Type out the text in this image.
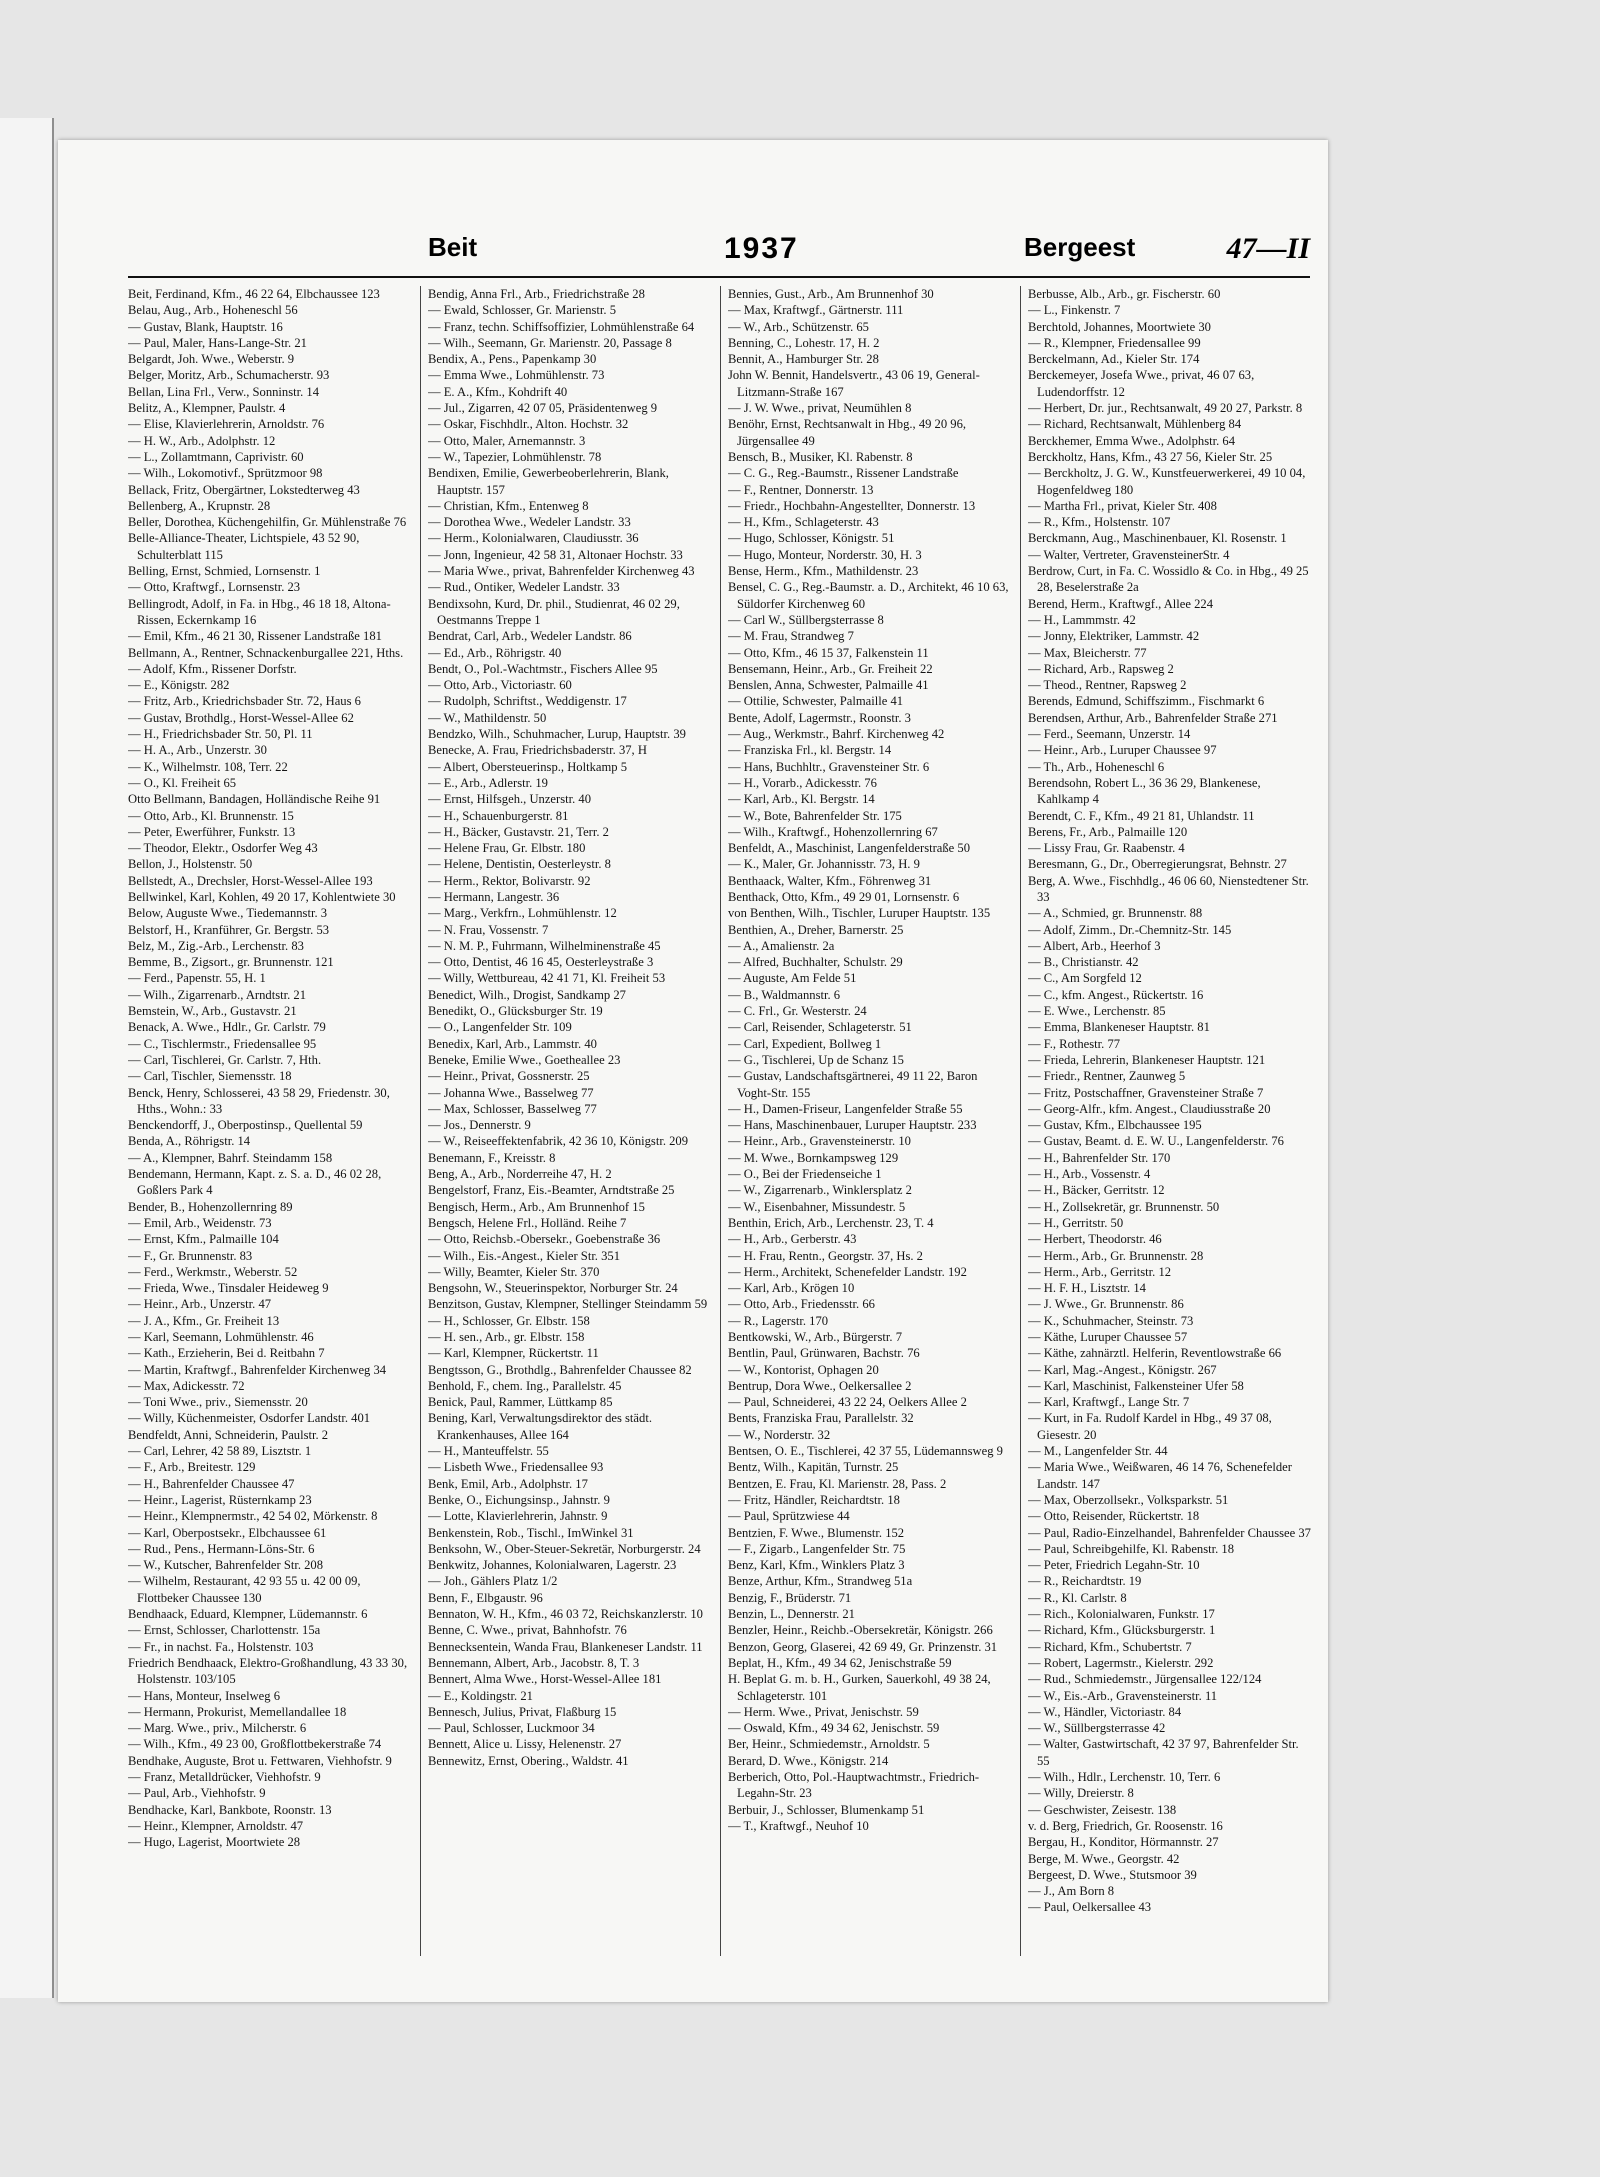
Beit	1937	Bergeest	47—II
Beit, Ferdinand, Kfm., 46 22 64, Elbchaussee 123
Belau, Aug., Arb., Hoheneschl 56
— Gustav, Blank, Hauptstr. 16
— Paul, Maler, Hans-Lange-Str. 21
Belgardt, Joh. Wwe., Weberstr. 9
Belger, Moritz, Arb., Schumacherstr. 93
Bellan, Lina Frl., Verw., Sonninstr. 14
Belitz, A., Klempner, Paulstr. 4
— Elise, Klavierlehrerin, Arnoldstr. 76
— H. W., Arb., Adolphstr. 12
— L., Zollamtmann, Caprivistr. 60
— Wilh., Lokomotivf., Sprützmoor 98
Bellack, Fritz, Obergärtner, Lokstedterweg 43
Bellenberg, A., Krupnstr. 28
Beller, Dorothea, Küchengehilfin, Gr. Mühlenstraße 76
Belle-Alliance-Theater, Lichtspiele, 43 52 90, Schulterblatt 115
Belling, Ernst, Schmied, Lornsenstr. 1
— Otto, Kraftwgf., Lornsenstr. 23
Bellingrodt, Adolf, in Fa. in Hbg., 46 18 18, Altona-Rissen, Eckernkamp 16
— Emil, Kfm., 46 21 30, Rissener Landstraße 181
Bellmann, A., Rentner, Schnackenburgallee 221, Hths.
— Adolf, Kfm., Rissener Dorfstr.
— E., Königstr. 282
— Fritz, Arb., Kriedrichsbader Str. 72, Haus 6
— Gustav, Brothdlg., Horst-Wessel-Allee 62
— H., Friedrichsbader Str. 50, Pl. 11
— H. A., Arb., Unzerstr. 30
— K., Wilhelmstr. 108, Terr. 22
— O., Kl. Freiheit 65
Otto Bellmann, Bandagen, Holländische Reihe 91
— Otto, Arb., Kl. Brunnenstr. 15
— Peter, Ewerführer, Funkstr. 13
— Theodor, Elektr., Osdorfer Weg 43
Bellon, J., Holstenstr. 50
Bellstedt, A., Drechsler, Horst-Wessel-Allee 193
Bellwinkel, Karl, Kohlen, 49 20 17, Kohlentwiete 30
Below, Auguste Wwe., Tiedemannstr. 3
Belstorf, H., Kranführer, Gr. Bergstr. 53
Belz, M., Zig.-Arb., Lerchenstr. 83
Bemme, B., Zigsort., gr. Brunnenstr. 121
— Ferd., Papenstr. 55, H. 1
— Wilh., Zigarrenarb., Arndtstr. 21
Bemstein, W., Arb., Gustavstr. 21
Benack, A. Wwe., Hdlr., Gr. Carlstr. 79
— C., Tischlermstr., Friedensallee 95
— Carl, Tischlerei, Gr. Carlstr. 7, Hth.
— Carl, Tischler, Siemensstr. 18
Benck, Henry, Schlosserei, 43 58 29, Friedenstr. 30, Hths., Wohn.: 33
Benckendorff, J., Oberpostinsp., Quellental 59
Benda, A., Röhrigstr. 14
— A., Klempner, Bahrf. Steindamm 158
Bendemann, Hermann, Kapt. z. S. a. D., 46 02 28, Goßlers Park 4
Bender, B., Hohenzollernring 89
— Emil, Arb., Weidenstr. 73
— Ernst, Kfm., Palmaille 104
— F., Gr. Brunnenstr. 83
— Ferd., Werkmstr., Weberstr. 52
— Frieda, Wwe., Tinsdaler Heideweg 9
— Heinr., Arb., Unzerstr. 47
— J. A., Kfm., Gr. Freiheit 13
— Karl, Seemann, Lohmühlenstr. 46
— Kath., Erzieherin, Bei d. Reitbahn 7
— Martin, Kraftwgf., Bahrenfelder Kirchenweg 34
— Max, Adickesstr. 72
— Toni Wwe., priv., Siemensstr. 20
— Willy, Küchenmeister, Osdorfer Landstr. 401
Bendfeldt, Anni, Schneiderin, Paulstr. 2
— Carl, Lehrer, 42 58 89, Lisztstr. 1
— F., Arb., Breitestr. 129
— H., Bahrenfelder Chaussee 47
— Heinr., Lagerist, Rüsternkamp 23
— Heinr., Klempnermstr., 42 54 02, Mörkenstr. 8
— Karl, Oberpostsekr., Elbchaussee 61
— Rud., Pens., Hermann-Löns-Str. 6
— W., Kutscher, Bahrenfelder Str. 208
— Wilhelm, Restaurant, 42 93 55 u. 42 00 09, Flottbeker Chaussee 130
Bendhaack, Eduard, Klempner, Lüdemannstr. 6
— Ernst, Schlosser, Charlottenstr. 15a
— Fr., in nachst. Fa., Holstenstr. 103
Friedrich Bendhaack, Elektro-Großhandlung, 43 33 30, Holstenstr. 103/105
— Hans, Monteur, Inselweg 6
— Hermann, Prokurist, Memellandallee 18
— Marg. Wwe., priv., Milcherstr. 6
— Wilh., Kfm., 49 23 00, Großflottbekerstraße 74
Bendhake, Auguste, Brot u. Fettwaren, Viehhofstr. 9
— Franz, Metalldrücker, Viehhofstr. 9
— Paul, Arb., Viehhofstr. 9
Bendhacke, Karl, Bankbote, Roonstr. 13
— Heinr., Klempner, Arnoldstr. 47
— Hugo, Lagerist, Moortwiete 28
Bendig, Anna Frl., Arb., Friedrichstraße 28
— Ewald, Schlosser, Gr. Marienstr. 5
— Franz, techn. Schiffsoffizier, Lohmühlenstraße 64
— Wilh., Seemann, Gr. Marienstr. 20, Passage 8
Bendix, A., Pens., Papenkamp 30
— Emma Wwe., Lohmühlenstr. 73
— E. A., Kfm., Kohdrift 40
— Jul., Zigarren, 42 07 05, Präsidentenweg 9
— Oskar, Fischhdlr., Alton. Hochstr. 32
— Otto, Maler, Arnemannstr. 3
— W., Tapezier, Lohmühlenstr. 78
Bendixen, Emilie, Gewerbeoberlehrerin, Blank, Hauptstr. 157
— Christian, Kfm., Entenweg 8
— Dorothea Wwe., Wedeler Landstr. 33
— Herm., Kolonialwaren, Claudiusstr. 36
— Jonn, Ingenieur, 42 58 31, Altonaer Hochstr. 33
— Maria Wwe., privat, Bahrenfelder Kirchenweg 43
— Rud., Ontiker, Wedeler Landstr. 33
Bendixsohn, Kurd, Dr. phil., Studienrat, 46 02 29, Oestmanns Treppe 1
Bendrat, Carl, Arb., Wedeler Landstr. 86
— Ed., Arb., Röhrigstr. 40
Bendt, O., Pol.-Wachtmstr., Fischers Allee 95
— Otto, Arb., Victoriastr. 60
— Rudolph, Schriftst., Weddigenstr. 17
— W., Mathildenstr. 50
Bendzko, Wilh., Schuhmacher, Lurup, Hauptstr. 39
Benecke, A. Frau, Friedrichsbaderstr. 37, H
— Albert, Obersteuerinsp., Holtkamp 5
— E., Arb., Adlerstr. 19
— Ernst, Hilfsgeh., Unzerstr. 40
— H., Schauenburgerstr. 81
— H., Bäcker, Gustavstr. 21, Terr. 2
— Helene Frau, Gr. Elbstr. 180
— Helene, Dentistin, Oesterleystr. 8
— Herm., Rektor, Bolivarstr. 92
— Hermann, Langestr. 36
— Marg., Verkfrn., Lohmühlenstr. 12
— N. Frau, Vossenstr. 7
— N. M. P., Fuhrmann, Wilhelminenstraße 45
— Otto, Dentist, 46 16 45, Oesterleystraße 3
— Willy, Wettbureau, 42 41 71, Kl. Freiheit 53
Benedict, Wilh., Drogist, Sandkamp 27
Benedikt, O., Glücksburger Str. 19
— O., Langenfelder Str. 109
Benedix, Karl, Arb., Lammstr. 40
Beneke, Emilie Wwe., Goetheallee 23
— Heinr., Privat, Gossnerstr. 25
— Johanna Wwe., Basselweg 77
— Max, Schlosser, Basselweg 77
— Jos., Dennerstr. 9
— W., Reiseeffektenfabrik, 42 36 10, Königstr. 209
Benemann, F., Kreisstr. 8
Beng, A., Arb., Norderreihe 47, H. 2
Bengelstorf, Franz, Eis.-Beamter, Arndtstraße 25
Bengisch, Herm., Arb., Am Brunnenhof 15
Bengsch, Helene Frl., Holländ. Reihe 7
— Otto, Reichsb.-Obersekr., Goebenstraße 36
— Wilh., Eis.-Angest., Kieler Str. 351
— Willy, Beamter, Kieler Str. 370
Bengsohn, W., Steuerinspektor, Norburger Str. 24
Benzitson, Gustav, Klempner, Stellinger Steindamm 59
— H., Schlosser, Gr. Elbstr. 158
— H. sen., Arb., gr. Elbstr. 158
— Karl, Klempner, Rückertstr. 11
Bengtsson, G., Brothdlg., Bahrenfelder Chaussee 82
Benhold, F., chem. Ing., Parallelstr. 45
Benick, Paul, Rammer, Lüttkamp 85
Bening, Karl, Verwaltungsdirektor des städt. Krankenhauses, Allee 164
— H., Manteuffelstr. 55
— Lisbeth Wwe., Friedensallee 93
Benk, Emil, Arb., Adolphstr. 17
Benke, O., Eichungsinsp., Jahnstr. 9
— Lotte, Klavierlehrerin, Jahnstr. 9
Benkenstein, Rob., Tischl., ImWinkel 31
Benksohn, W., Ober-Steuer-Sekretär, Norburgerstr. 24
Benkwitz, Johannes, Kolonialwaren, Lagerstr. 23
— Joh., Gählers Platz 1/2
Benn, F., Elbgaustr. 96
Bennaton, W. H., Kfm., 46 03 72, Reichskanzlerstr. 10
Benne, C. Wwe., privat, Bahnhofstr. 76
Bennecksentein, Wanda Frau, Blankeneser Landstr. 11
Bennemann, Albert, Arb., Jacobstr. 8, T. 3
Bennert, Alma Wwe., Horst-Wessel-Allee 181
— E., Koldingstr. 21
Bennesch, Julius, Privat, Flaßburg 15
— Paul, Schlosser, Luckmoor 34
Bennett, Alice u. Lissy, Helenenstr. 27
Bennewitz, Ernst, Obering., Waldstr. 41
Bennies, Gust., Arb., Am Brunnenhof 30
— Max, Kraftwgf., Gärtnerstr. 111
— W., Arb., Schützenstr. 65
Benning, C., Lohestr. 17, H. 2
Bennit, A., Hamburger Str. 28
John W. Bennit, Handelsvertr., 43 06 19, General-Litzmann-Straße 167
— J. W. Wwe., privat, Neumühlen 8
Benöhr, Ernst, Rechtsanwalt in Hbg., 49 20 96, Jürgensallee 49
Bensch, B., Musiker, Kl. Rabenstr. 8
— C. G., Reg.-Baumstr., Rissener Landstraße
— F., Rentner, Donnerstr. 13
— Friedr., Hochbahn-Angestellter, Donnerstr. 13
— H., Kfm., Schlageterstr. 43
— Hugo, Schlosser, Königstr. 51
— Hugo, Monteur, Norderstr. 30, H. 3
Bense, Herm., Kfm., Mathildenstr. 23
Bensel, C. G., Reg.-Baumstr. a. D., Architekt, 46 10 63, Süldorfer Kirchenweg 60
— Carl W., Süllbergsterrasse 8
— M. Frau, Strandweg 7
— Otto, Kfm., 46 15 37, Falkenstein 11
Bensemann, Heinr., Arb., Gr. Freiheit 22
Benslen, Anna, Schwester, Palmaille 41
— Ottilie, Schwester, Palmaille 41
Bente, Adolf, Lagermstr., Roonstr. 3
— Aug., Werkmstr., Bahrf. Kirchenweg 42
— Franziska Frl., kl. Bergstr. 14
— Hans, Buchhltr., Gravensteiner Str. 6
— H., Vorarb., Adickesstr. 76
— Karl, Arb., Kl. Bergstr. 14
— W., Bote, Bahrenfelder Str. 175
— Wilh., Kraftwgf., Hohenzollernring 67
Benfeldt, A., Maschinist, Langenfelderstraße 50
— K., Maler, Gr. Johannisstr. 73, H. 9
Benthaack, Walter, Kfm., Föhrenweg 31
Benthack, Otto, Kfm., 49 29 01, Lornsenstr. 6
von Benthen, Wilh., Tischler, Luruper Hauptstr. 135
Benthien, A., Dreher, Barnerstr. 25
— A., Amalienstr. 2a
— Alfred, Buchhalter, Schulstr. 29
— Auguste, Am Felde 51
— B., Waldmannstr. 6
— C. Frl., Gr. Westerstr. 24
— Carl, Reisender, Schlageterstr. 51
— Carl, Expedient, Bollweg 1
— G., Tischlerei, Up de Schanz 15
— Gustav, Landschaftsgärtnerei, 49 11 22, Baron Voght-Str. 155
— H., Damen-Friseur, Langenfelder Straße 55
— Hans, Maschinenbauer, Luruper Hauptstr. 233
— Heinr., Arb., Gravensteinerstr. 10
— M. Wwe., Bornkampsweg 129
— O., Bei der Friedenseiche 1
— W., Zigarrenarb., Winklersplatz 2
— W., Eisenbahner, Missundestr. 5
Benthin, Erich, Arb., Lerchenstr. 23, T. 4
— H., Arb., Gerberstr. 43
— H. Frau, Rentn., Georgstr. 37, Hs. 2
— Herm., Architekt, Schenefelder Landstr. 192
— Karl, Arb., Krögen 10
— Otto, Arb., Friedensstr. 66
— R., Lagerstr. 170
Bentkowski, W., Arb., Bürgerstr. 7
Bentlin, Paul, Grünwaren, Bachstr. 76
— W., Kontorist, Ophagen 20
Bentrup, Dora Wwe., Oelkersallee 2
— Paul, Schneiderei, 43 22 24, Oelkers Allee 2
Bents, Franziska Frau, Parallelstr. 32
— W., Norderstr. 32
Bentsen, O. E., Tischlerei, 42 37 55, Lüdemannsweg 9
Bentz, Wilh., Kapitän, Turnstr. 25
Bentzen, E. Frau, Kl. Marienstr. 28, Pass. 2
— Fritz, Händler, Reichardtstr. 18
— Paul, Sprützwiese 44
Bentzien, F. Wwe., Blumenstr. 152
— F., Zigarb., Langenfelder Str. 75
Benz, Karl, Kfm., Winklers Platz 3
Benze, Arthur, Kfm., Strandweg 51a
Benzig, F., Brüderstr. 71
Benzin, L., Dennerstr. 21
Benzler, Heinr., Reichb.-Obersekretär, Königstr. 266
Benzon, Georg, Glaserei, 42 69 49, Gr. Prinzenstr. 31
Beplat, H., Kfm., 49 34 62, Jenischstraße 59
H. Beplat G. m. b. H., Gurken, Sauerkohl, 49 38 24, Schlageterstr. 101
— Herm. Wwe., Privat, Jenischstr. 59
— Oswald, Kfm., 49 34 62, Jenischstr. 59
Ber, Heinr., Schmiedemstr., Arnoldstr. 5
Berard, D. Wwe., Königstr. 214
Berberich, Otto, Pol.-Hauptwachtmstr., Friedrich-Legahn-Str. 23
Berbuir, J., Schlosser, Blumenkamp 51
— T., Kraftwgf., Neuhof 10
Berbusse, Alb., Arb., gr. Fischerstr. 60
— L., Finkenstr. 7
Berchtold, Johannes, Moortwiete 30
— R., Klempner, Friedensallee 99
Berckelmann, Ad., Kieler Str. 174
Berckemeyer, Josefa Wwe., privat, 46 07 63, Ludendorffstr. 12
— Herbert, Dr. jur., Rechtsanwalt, 49 20 27, Parkstr. 8
— Richard, Rechtsanwalt, Mühlenberg 84
Berckhemer, Emma Wwe., Adolphstr. 64
Berckholtz, Hans, Kfm., 43 27 56, Kieler Str. 25
— Berckholtz, J. G. W., Kunstfeuerwerkerei, 49 10 04, Hogenfeldweg 180
— Martha Frl., privat, Kieler Str. 408
— R., Kfm., Holstenstr. 107
Berckmann, Aug., Maschinenbauer, Kl. Rosenstr. 1
— Walter, Vertreter, GravensteinerStr. 4
Berdrow, Curt, in Fa. C. Wossidlo & Co. in Hbg., 49 25 28, Beselerstraße 2a
Berend, Herm., Kraftwgf., Allee 224
— H., Lammmstr. 42
— Jonny, Elektriker, Lammstr. 42
— Max, Bleicherstr. 77
— Richard, Arb., Rapsweg 2
— Theod., Rentner, Rapsweg 2
Berends, Edmund, Schiffszimm., Fischmarkt 6
Berendsen, Arthur, Arb., Bahrenfelder Straße 271
— Ferd., Seemann, Unzerstr. 14
— Heinr., Arb., Luruper Chaussee 97
— Th., Arb., Hoheneschl 6
Berendsohn, Robert L., 36 36 29, Blankenese, Kahlkamp 4
Berendt, C. F., Kfm., 49 21 81, Uhlandstr. 11
Berens, Fr., Arb., Palmaille 120
— Lissy Frau, Gr. Raabenstr. 4
Beresmann, G., Dr., Oberregierungsrat, Behnstr. 27
Berg, A. Wwe., Fischhdlg., 46 06 60, Nienstedtener Str. 33
— A., Schmied, gr. Brunnenstr. 88
— Adolf, Zimm., Dr.-Chemnitz-Str. 145
— Albert, Arb., Heerhof 3
— B., Christianstr. 42
— C., Am Sorgfeld 12
— C., kfm. Angest., Rückertstr. 16
— E. Wwe., Lerchenstr. 85
— Emma, Blankeneser Hauptstr. 81
— F., Rothestr. 77
— Frieda, Lehrerin, Blankeneser Hauptstr. 121
— Friedr., Rentner, Zaunweg 5
— Fritz, Postschaffner, Gravensteiner Straße 7
— Georg-Alfr., kfm. Angest., Claudiusstraße 20
— Gustav, Kfm., Elbchaussee 195
— Gustav, Beamt. d. E. W. U., Langenfelderstr. 76
— H., Bahrenfelder Str. 170
— H., Arb., Vossenstr. 4
— H., Bäcker, Gerritstr. 12
— H., Zollsekretär, gr. Brunnenstr. 50
— H., Gerritstr. 50
— Herbert, Theodorstr. 46
— Herm., Arb., Gr. Brunnenstr. 28
— Herm., Arb., Gerritstr. 12
— H. F. H., Lisztstr. 14
— J. Wwe., Gr. Brunnenstr. 86
— K., Schuhmacher, Steinstr. 73
— Käthe, Luruper Chaussee 57
— Käthe, zahnärztl. Helferin, Reventlowstraße 66
— Karl, Mag.-Angest., Königstr. 267
— Karl, Maschinist, Falkensteiner Ufer 58
— Karl, Kraftwgf., Lange Str. 7
— Kurt, in Fa. Rudolf Kardel in Hbg., 49 37 08, Giesestr. 20
— M., Langenfelder Str. 44
— Maria Wwe., Weißwaren, 46 14 76, Schenefelder Landstr. 147
— Max, Oberzollsekr., Volksparkstr. 51
— Otto, Reisender, Rückertstr. 18
— Paul, Radio-Einzelhandel, Bahrenfelder Chaussee 37
— Paul, Schreibgehilfe, Kl. Rabenstr. 18
— Peter, Friedrich Legahn-Str. 10
— R., Reichardtstr. 19
— R., Kl. Carlstr. 8
— Rich., Kolonialwaren, Funkstr. 17
— Richard, Kfm., Glücksburgerstr. 1
— Richard, Kfm., Schubertstr. 7
— Robert, Lagermstr., Kielerstr. 292
— Rud., Schmiedemstr., Jürgensallee 122/124
— W., Eis.-Arb., Gravensteinerstr. 11
— W., Händler, Victoriastr. 84
— W., Süllbergsterrasse 42
— Walter, Gastwirtschaft, 42 37 97, Bahrenfelder Str. 55
— Wilh., Hdlr., Lerchenstr. 10, Terr. 6
— Willy, Dreierstr. 8
— Geschwister, Zeisestr. 138
v. d. Berg, Friedrich, Gr. Roosenstr. 16
Bergau, H., Konditor, Hörmannstr. 27
Berge, M. Wwe., Georgstr. 42
Bergeest, D. Wwe., Stutsmoor 39
— J., Am Born 8
— Paul, Oelkersallee 43
